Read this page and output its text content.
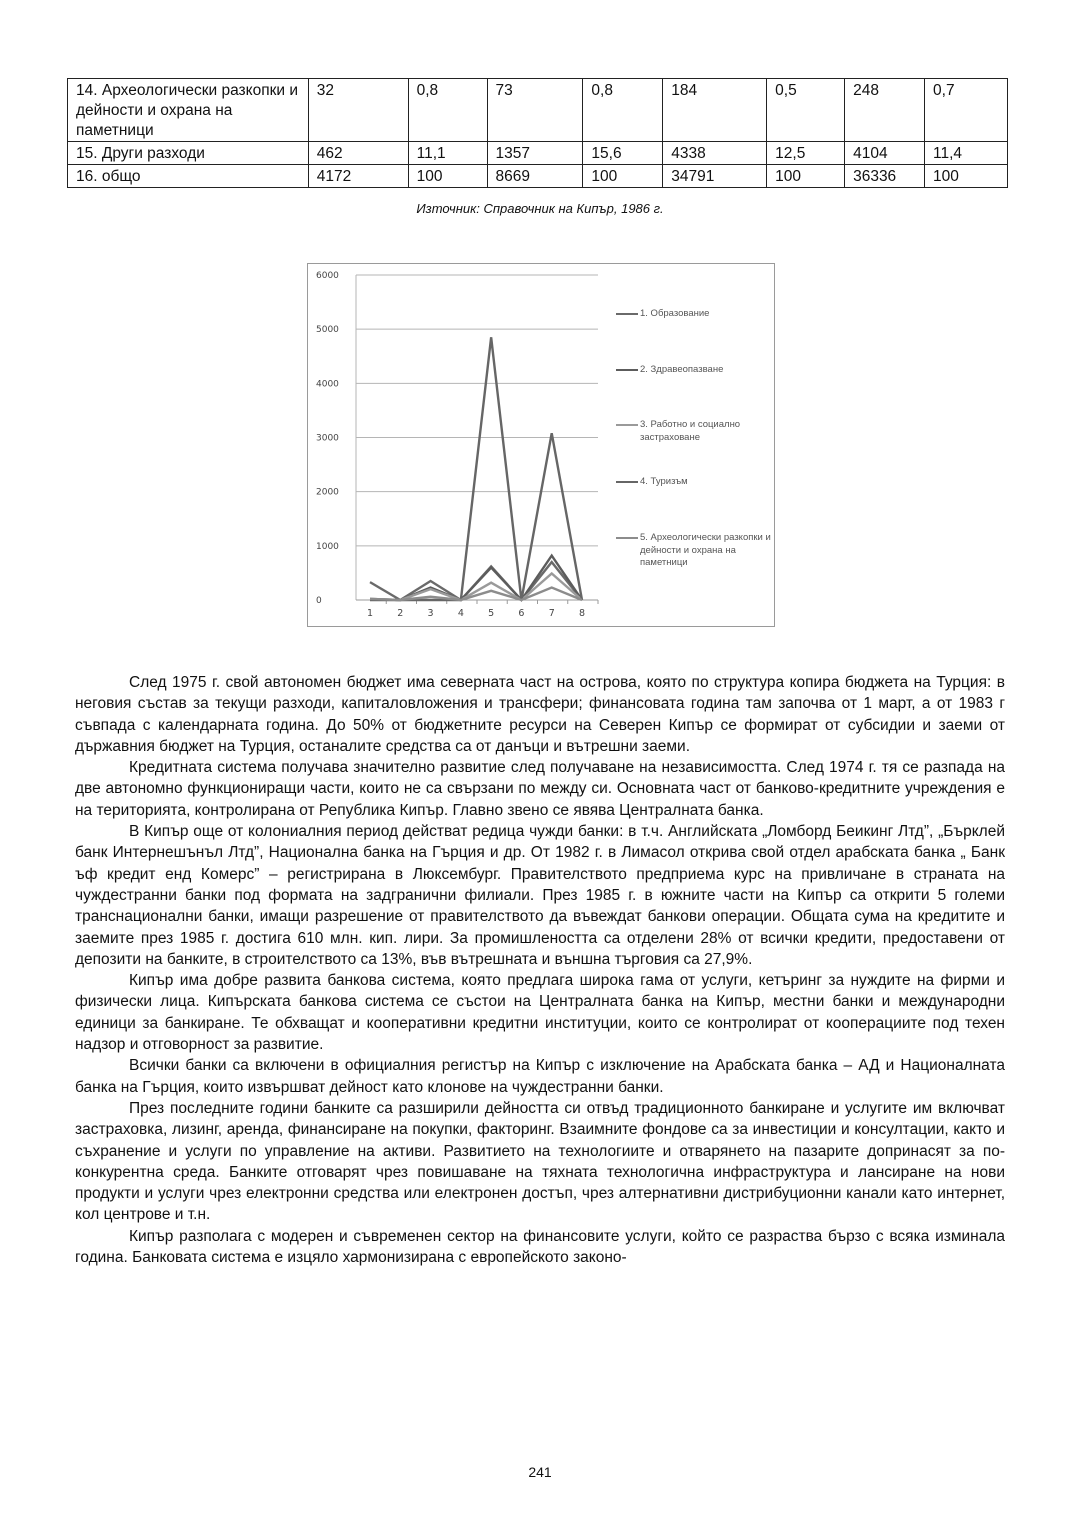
14. Археологически разкопки и дейности и охрана на паметници	32	0,8	73	0,8	184	0,5	248	0,7
15. Други разходи	462	11,1	1357	15,6	4338	12,5	4104	11,4
16. общо	4172	100	8669	100	34791	100	36336	100
Източник: Справочник на Кипър, 1986 г.
0
1000
2000
3000
4000
5000
6000
1	2	3	4	5	6	7	8
1. Образование
2. Здравеопазване
3. Работно и социално застраховане
4. Туризъм
5. Археологически разкопки и дейности и охрана на паметници

След 1975 г. свой автономен бюджет има северната част на острова, която по структура копира бюджета на Турция: в неговия състав за текущи разходи, капиталовложения и трансфери; финансовата година там започва от 1 март, а от 1983 г съвпада с календарната година. До 50% от бюджетните ресурси на Северен Кипър се формират от субсидии и заеми от държавния бюджет на Турция, останалите средства са от данъци и вътрешни заеми.

Кредитната система получава значително развитие след получаване на независимостта. След 1974 г. тя се разпада на две автономно функциониращи части, които не са свързани по между си. Основната част от банково-кредитните учреждения е на територията, контролирана от Република Кипър. Главно звено се явява Централната банка.

В Кипър още от колониалния период действат редица чужди банки: в т.ч. Английската „Ломборд Беикинг Лтд”, „Бърклей банк Интернешънъл Лтд”, Национална банка на Гърция и др. От 1982 г. в Лимасол открива свой отдел арабската банка „ Банк ъф кредит енд Комерс” – регистрирана в Люксембург. Правителството предприема курс на привличане в страната на чуждестранни банки под формата на задгранични филиали. През 1985 г. в южните части на Кипър са открити 5 големи транснационални банки, имащи разрешение от правителството да въвеждат банкови операции. Общата сума на кредитите и заемите през 1985 г. достига 610 млн. кип. лири. За промишлеността са отделени 28% от всички кредити, предоставени от депозити на банките, в строителството са 13%, във вътрешната и външна търговия са 27,9%.

Кипър има добре развита банкова система, която предлага широка гама от услуги, кетъринг за нуждите на фирми и физически лица. Кипърската банкова система се състои на Централната банка на Кипър, местни банки и международни единици за банкиране. Те обхващат и кооперативни кредитни институции, които се контролират от кооперациите под техен надзор и отговорност за развитие.

Всички банки са включени в официалния регистър на Кипър с изключение на Арабската банка – АД и Националната банка на Гърция, които извършват дейност като клонове на чуждестранни банки.

През последните години банките са разширили дейността си отвъд традиционното банкиране и услугите им включват застраховка, лизинг, аренда, финансиране на покупки, факторинг. Взаимните фондове са за инвестиции и консултации, както и съхранение и услуги по управление на активи. Развитието на технологиите и отварянето на пазарите допринасят за по-конкурентна среда. Банките отговарят чрез повишаване на тяхната технологична инфраструктура и лансиране на нови продукти и услуги чрез електронни средства или електронен достъп, чрез алтернативни дистрибуционни канали като интернет, кол центрове и т.н.

Кипър разполага с модерен и съвременен сектор на финансовите услуги, който се разраства бързо с всяка изминала година. Банковата система е изцяло хармонизирана с европейското законо-

241
